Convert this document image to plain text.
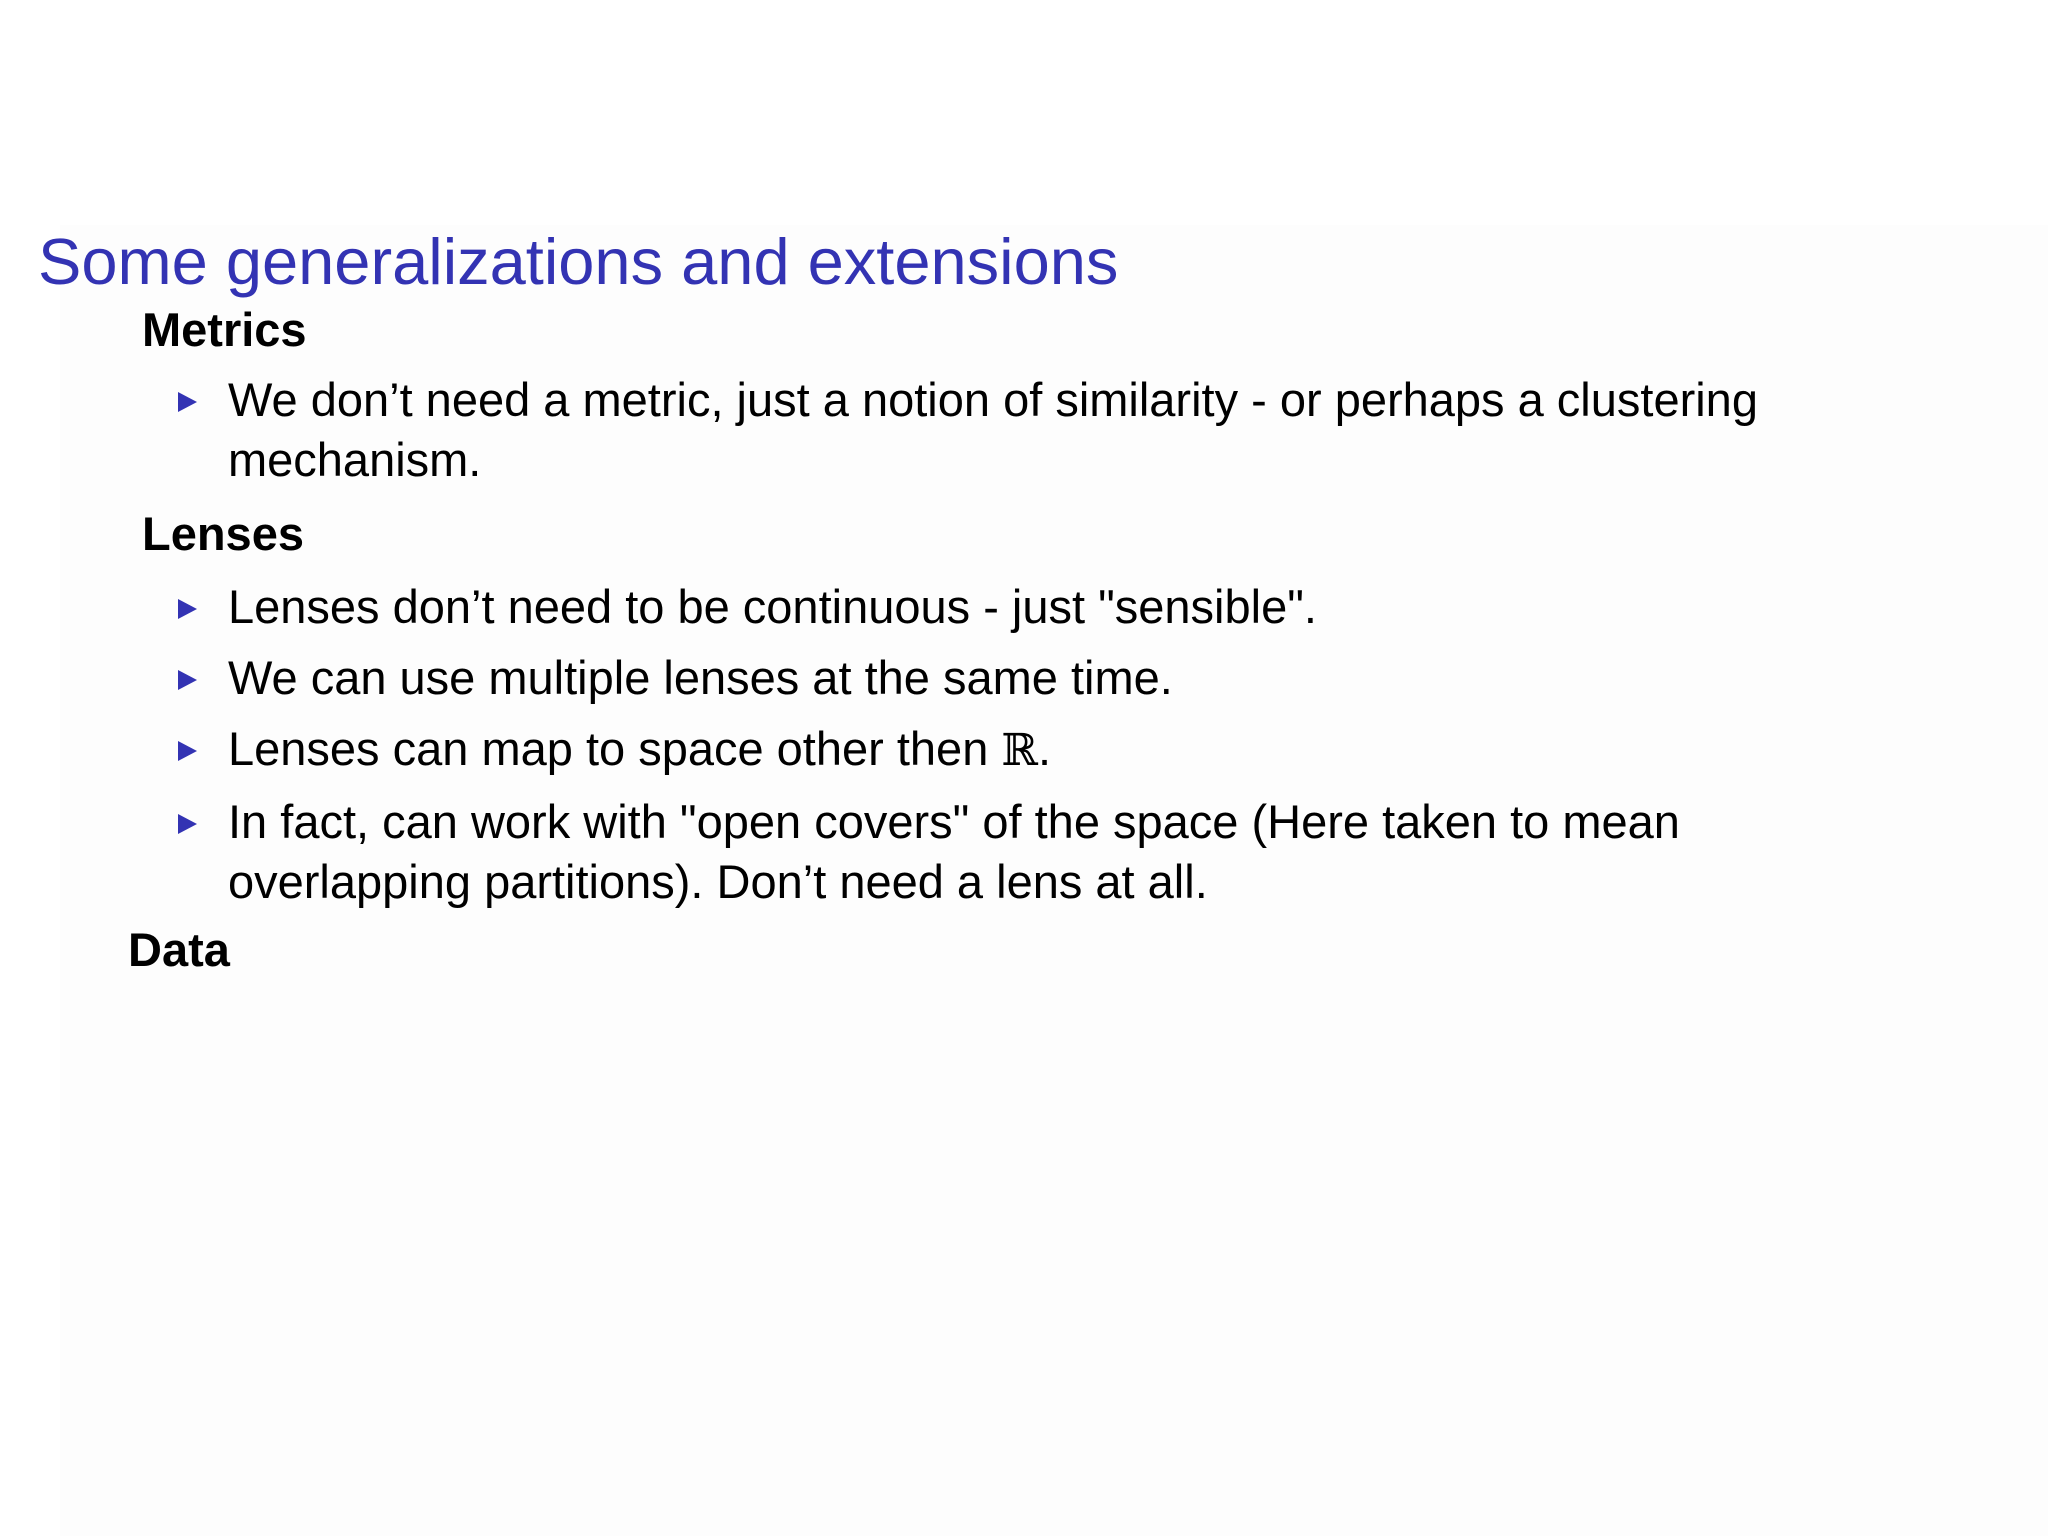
Some generalizations and extensions
Metrics
We don’t need a metric, just a notion of similarity - or perhaps a clustering mechanism.
Lenses
Lenses don’t need to be continuous - just "sensible".
We can use multiple lenses at the same time.
Lenses can map to space other then ℝ.
In fact, can work with "open covers" of the space (Here taken to mean overlapping partitions). Don’t need a lens at all.
Data
